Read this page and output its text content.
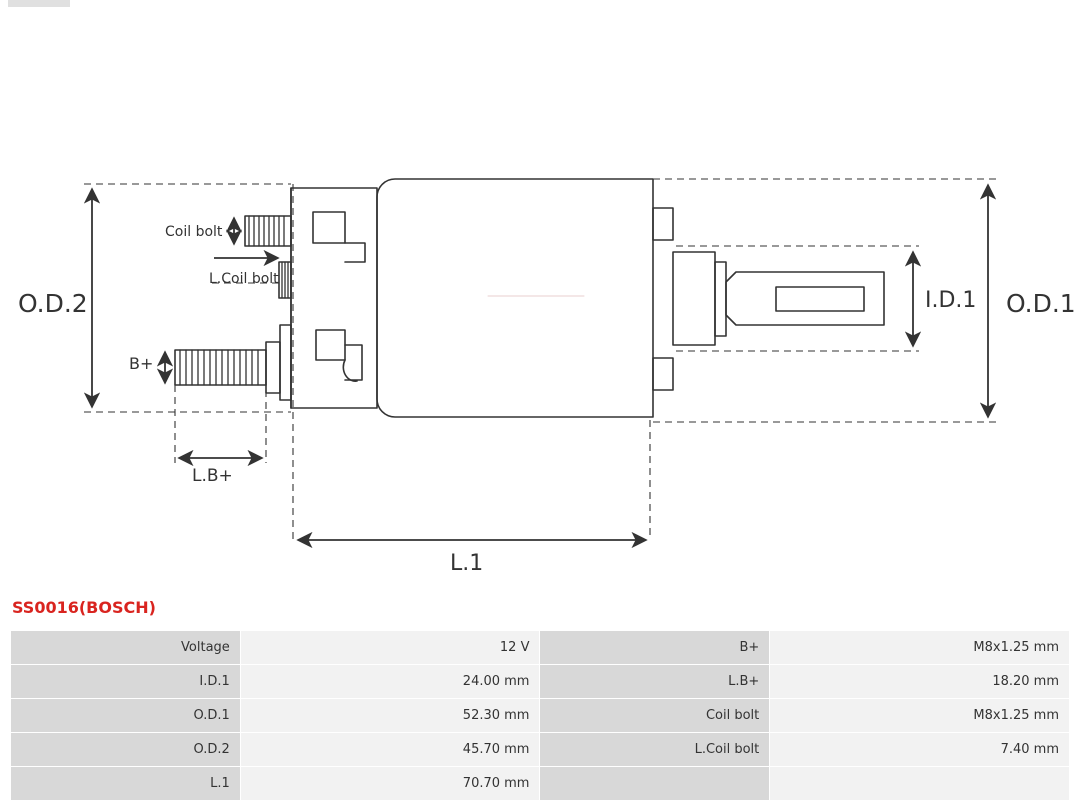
O.D.2	O.D.1
I.D.1
Coil bolt
L.Coil bolt
B+
L.B+
L.1
SS0016(BOSCH)
Voltage	12 V	B+	M8x1.25 mm
I.D.1	24.00 mm	L.B+	18.20 mm
O.D.1	52.30 mm	Coil bolt	M8x1.25 mm
O.D.2	45.70 mm	L.Coil bolt	7.40 mm
L.1	70.70 mm		
